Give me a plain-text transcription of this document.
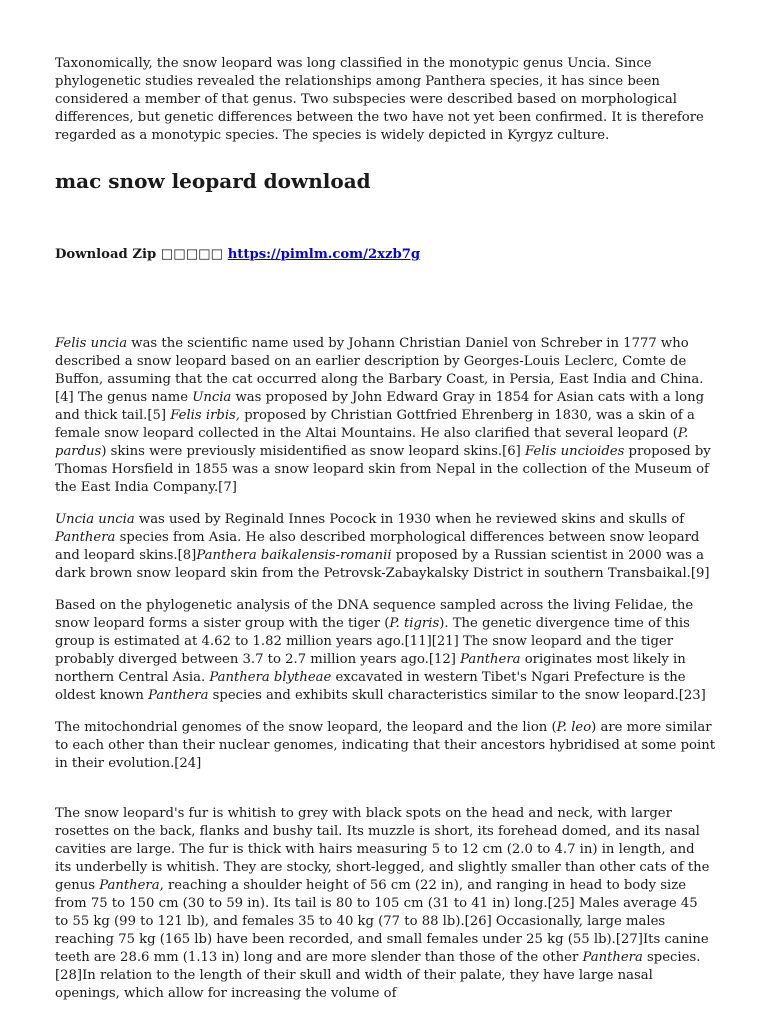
Taxonomically, the snow leopard was long classified in the monotypic genus Uncia. Since phylogenetic studies revealed the relationships among Panthera species, it has since been considered a member of that genus. Two subspecies were described based on morphological differences, but genetic differences between the two have not yet been confirmed. It is therefore regarded as a monotypic species. The species is widely depicted in Kyrgyz culture.

mac snow leopard download
Download Zip □□□□□ https://pimlm.com/2xzb7g

Felis uncia was the scientific name used by Johann Christian Daniel von Schreber in 1777 who described a snow leopard based on an earlier description by Georges-Louis Leclerc, Comte de Buffon, assuming that the cat occurred along the Barbary Coast, in Persia, East India and China.[4] The genus name Uncia was proposed by John Edward Gray in 1854 for Asian cats with a long and thick tail.[5] Felis irbis, proposed by Christian Gottfried Ehrenberg in 1830, was a skin of a female snow leopard collected in the Altai Mountains. He also clarified that several leopard (P. pardus) skins were previously misidentified as snow leopard skins.[6] Felis uncioides proposed by Thomas Horsfield in 1855 was a snow leopard skin from Nepal in the collection of the Museum of the East India Company.[7]

Uncia uncia was used by Reginald Innes Pocock in 1930 when he reviewed skins and skulls of Panthera species from Asia. He also described morphological differences between snow leopard and leopard skins.[8]Panthera baikalensis-romanii proposed by a Russian scientist in 2000 was a dark brown snow leopard skin from the Petrovsk-Zabaykalsky District in southern Transbaikal.[9]

Based on the phylogenetic analysis of the DNA sequence sampled across the living Felidae, the snow leopard forms a sister group with the tiger (P. tigris). The genetic divergence time of this group is estimated at 4.62 to 1.82 million years ago.[11][21] The snow leopard and the tiger probably diverged between 3.7 to 2.7 million years ago.[12] Panthera originates most likely in northern Central Asia. Panthera blytheae excavated in western Tibet's Ngari Prefecture is the oldest known Panthera species and exhibits skull characteristics similar to the snow leopard.[23]

The mitochondrial genomes of the snow leopard, the leopard and the lion (P. leo) are more similar to each other than their nuclear genomes, indicating that their ancestors hybridised at some point in their evolution.[24]

The snow leopard's fur is whitish to grey with black spots on the head and neck, with larger rosettes on the back, flanks and bushy tail. Its muzzle is short, its forehead domed, and its nasal cavities are large. The fur is thick with hairs measuring 5 to 12 cm (2.0 to 4.7 in) in length, and its underbelly is whitish. They are stocky, short-legged, and slightly smaller than other cats of the genus Panthera, reaching a shoulder height of 56 cm (22 in), and ranging in head to body size from 75 to 150 cm (30 to 59 in). Its tail is 80 to 105 cm (31 to 41 in) long.[25] Males average 45 to 55 kg (99 to 121 lb), and females 35 to 40 kg (77 to 88 lb).[26] Occasionally, large males reaching 75 kg (165 lb) have been recorded, and small females under 25 kg (55 lb).[27]Its canine teeth are 28.6 mm (1.13 in) long and are more slender than those of the other Panthera species.[28]In relation to the length of their skull and width of their palate, they have large nasal openings, which allow for increasing the volume of
